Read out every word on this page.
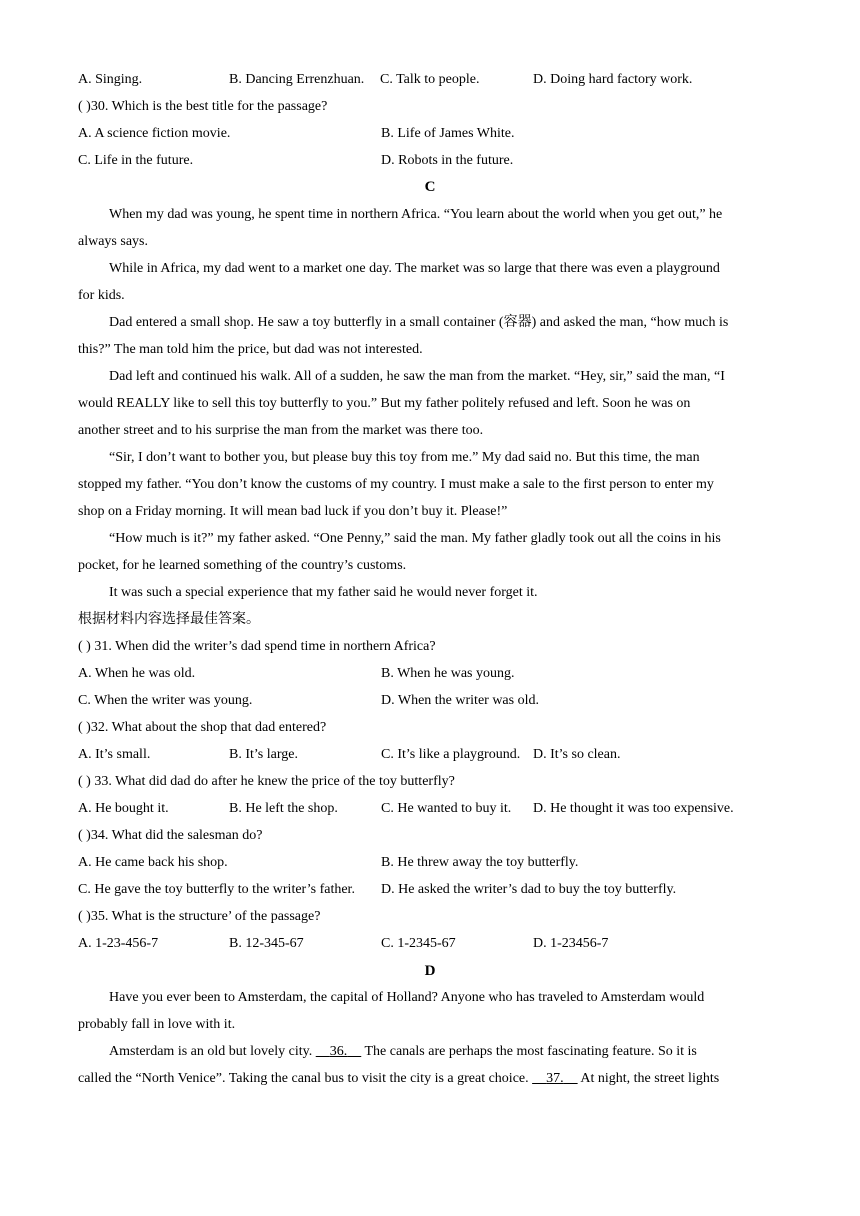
A. Singing.	B. Dancing Errenzhuan. C. Talk to people.	D. Doing hard factory work.
( )30. Which is the best title for the passage?
A. A science fiction movie.	B. Life of James White.
C. Life in the future.	D. Robots in the future.
C
When my dad was young, he spent time in northern Africa. “You learn about the world when you get out,” he
always says.
While in Africa, my dad went to a market one day. The market was so large that there was even a playground
for kids.
Dad entered a small shop. He saw a toy butterfly in a small container (容器) and asked the man, “how much is
this?” The man told him the price, but dad was not interested.
Dad left and continued his walk. All of a sudden, he saw the man from the market. “Hey, sir,” said the man, “I
would REALLY like to sell this toy butterfly to you.” But my father politely refused and left. Soon he was on
another street and to his surprise the man from the market was there too.
“Sir, I don’t want to bother you, but please buy this toy from me.” My dad said no. But this time, the man
stopped my father. “You don’t know the customs of my country. I must make a sale to the first person to enter my
shop on a Friday morning. It will mean bad luck if you don’t buy it. Please!”
“How much is it?” my father asked. “One Penny,” said the man. My father gladly took out all the coins in his
pocket, for he learned something of the country’s customs.
It was such a special experience that my father said he would never forget it.
根据材料内容选择最佳答案。
( ) 31. When did the writer’s dad spend time in northern Africa?
A. When he was old.	B. When he was young.
C. When the writer was young.	D. When the writer was old.
( )32. What about the shop that dad entered?
A. It’s small.	B. It’s large.	C. It’s like a playground. D. It’s so clean.
( ) 33. What did dad do after he knew the price of the toy butterfly?
A. He bought it.	B. He left the shop.	C. He wanted to buy it. D. He thought it was too expensive.
( )34. What did the salesman do?
A. He came back his shop.	B. He threw away the toy butterfly.
C. He gave the toy butterfly to the writer’s father. D. He asked the writer’s dad to buy the toy butterfly.
( )35. What is the structure’ of the passage?
A. 1-23-456-7	B. 12-345-67	C. 1-2345-67	D. 1-23456-7
D
Have you ever been to Amsterdam, the capital of Holland? Anyone who has traveled to Amsterdam would
probably fall in love with it.
Amsterdam is an old but lovely city. 36. The canals are perhaps the most fascinating feature. So it is
called the “North Venice”. Taking the canal bus to visit the city is a great choice. 37. At night, the street lights
